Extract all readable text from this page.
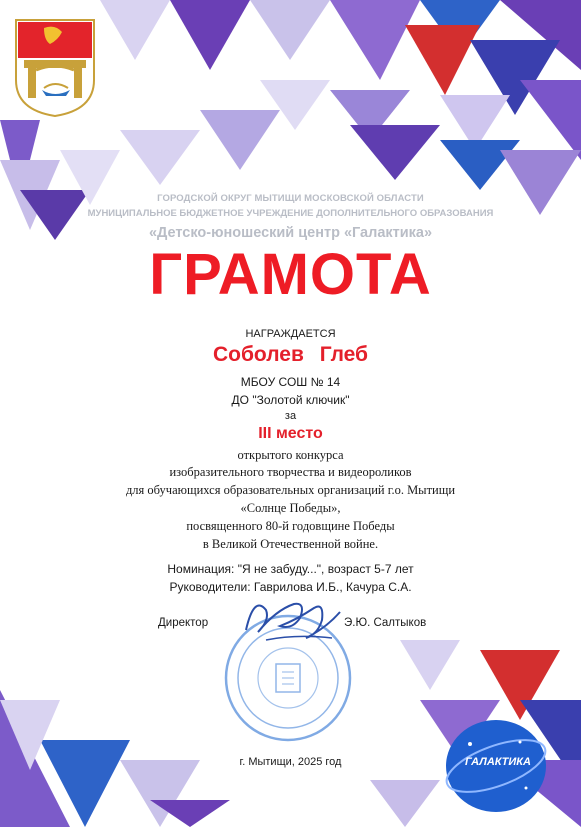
ГОРОДСКОЙ ОКРУГ МЫТИЩИ МОСКОВСКОЙ ОБЛАСТИ
МУНИЦИПАЛЬНОЕ БЮДЖЕТНОЕ УЧРЕЖДЕНИЕ ДОПОЛНИТЕЛЬНОГО ОБРАЗОВАНИЯ
«Детско-юношеский центр «Галактика»
ГРАМОТА
НАГРАЖДАЕТСЯ
Соболев Глеб
МБОУ СОШ № 14
ДО "Золотой ключик"
за
III место
открытого конкурса
изобразительного творчества и видеороликов
для обучающихся образовательных организаций г.о. Мытищи
«Солнце Победы»,
посвященного 80-й годовщине Победы
в Великой Отечественной войне.
Номинация: "Я не забуду...", возраст 5-7 лет
Руководители: Гаврилова И.Б., Качура С.А.
Директор	Э.Ю. Салтыков
г. Мытищи, 2025 год	ГАЛАКТИКА
